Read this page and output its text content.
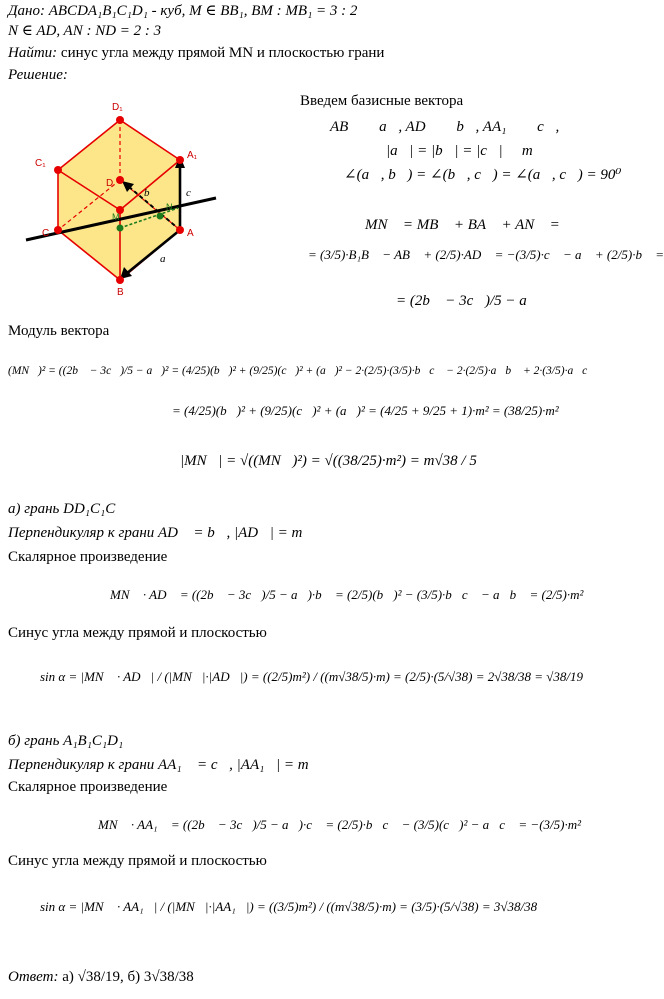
Дано: ABCDA₁B₁C₁D₁ - куб, M ∈ BB₁, BM : MB₁ = 3 : 2
N ∈ AD, AN : ND = 2 : 3
Найти: синус угла между прямой MN и плоскостью грани
Решение:
D₁
C₁
A₁
D
C	A
B
M
N
b⃗	c⃗
a⃗
Введем базисные вектора
AB⃗ ≝ a⃗, AD⃗ ≝ b⃗, AA₁⃗ ≝ c⃗,
|a⃗| = |b⃗| = |c⃗| ≝ m
∠(a⃗, b⃗) = ∠(b⃗, c⃗) = ∠(a⃗, c⃗) = 90⁰
MN⃗ = MB⃗ + BA⃗ + AN⃗ =
= (3/5)·B₁B⃗ − AB⃗ + (2/5)·AD⃗ = −(3/5)·c⃗ − a⃗ + (2/5)·b⃗ =
= (2b⃗ − 3c⃗)/5 − a⃗
Модуль вектора
(MN⃗)² = ((2b⃗ − 3c⃗)/5 − a⃗)² = (4/25)(b⃗)² + (9/25)(c⃗)² + (a⃗)² − 2·(2/5)·(3/5)·b⃗c⃗ − 2·(2/5)·a⃗b⃗ + 2·(3/5)·a⃗c⃗
= (4/25)(b⃗)² + (9/25)(c⃗)² + (a⃗)² = (4/25 + 9/25 + 1)·m² = (38/25)·m²
|MN⃗| = √((MN⃗)²) = √((38/25)·m²) = m√38 / 5
а) грань DD₁C₁C
Перпендикуляр к грани AD⃗ = b⃗, |AD⃗| = m
Скалярное произведение
MN⃗ · AD⃗ = ((2b⃗ − 3c⃗)/5 − a⃗)·b⃗ = (2/5)(b⃗)² − (3/5)·b⃗c⃗ − a⃗b⃗ = (2/5)·m²
Синус угла между прямой и плоскостью
sin α = |MN⃗ · AD⃗| / (|MN⃗|·|AD⃗|) = ((2/5)m²) / ((m√38/5)·m) = (2/5)·(5/√38) = 2√38/38 = √38/19
б) грань A₁B₁C₁D₁
Перпендикуляр к грани AA₁⃗ = c⃗, |AA₁⃗| = m
Скалярное произведение
MN⃗ · AA₁⃗ = ((2b⃗ − 3c⃗)/5 − a⃗)·c⃗ = (2/5)·b⃗c⃗ − (3/5)(c⃗)² − a⃗c⃗ = −(3/5)·m²
Синус угла между прямой и плоскостью
sin α = |MN⃗ · AA₁⃗| / (|MN⃗|·|AA₁⃗|) = ((3/5)m²) / ((m√38/5)·m) = (3/5)·(5/√38) = 3√38/38
Ответ: а) √38/19, б) 3√38/38
